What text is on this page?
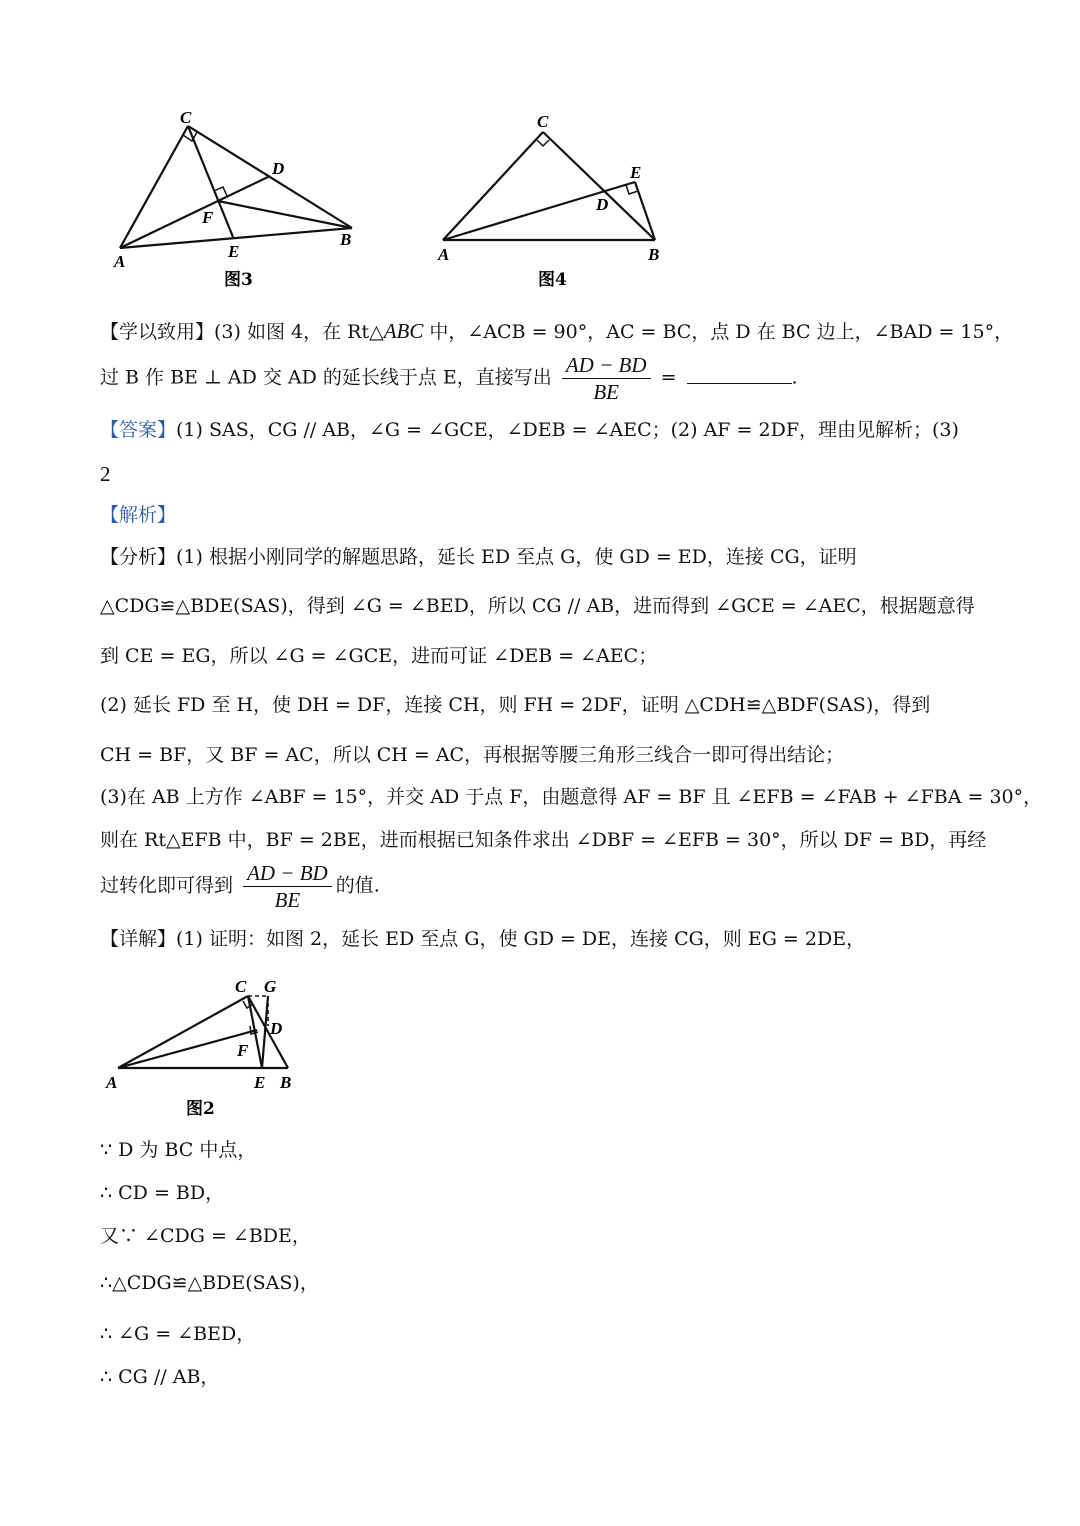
C
D
F
E
A
B
图3
C
E
D
A	B
图4
【学以致用】(3) 如图 4，在 Rt△ABC 中，∠ACB = 90°，AC = BC，点 D 在 BC 边上，∠BAD = 15°，
过 B 作 BE ⊥ AD 交 AD 的延长线于点 E，直接写出 $\frac{AD - BD}{BE}$ =	.
【答案】(1) SAS，CG // AB，∠G = ∠GCE，∠DEB = ∠AEC；(2) AF = 2DF，理由见解析；(3)
2
【解析】
【分析】(1) 根据小刚同学的解题思路，延长 ED 至点 G，使 GD = ED，连接 CG，证明
△CDG≌△BDE(SAS)，得到 ∠G = ∠BED，所以 CG // AB，进而得到 ∠GCE = ∠AEC，根据题意得
到 CE = EG，所以 ∠G = ∠GCE，进而可证 ∠DEB = ∠AEC；
(2) 延长 FD 至 H，使 DH = DF，连接 CH，则 FH = 2DF，证明 △CDH≌△BDF(SAS)，得到
CH = BF，又 BF = AC，所以 CH = AC，再根据等腰三角形三线合一即可得出结论；
(3)在 AB 上方作 ∠ABF = 15°，并交 AD 于点 F，由题意得 AF = BF 且 ∠EFB = ∠FAB + ∠FBA = 30°，
则在 Rt△EFB 中，BF = 2BE，进而根据已知条件求出 ∠DBF = ∠EFB = 30°，所以 DF = BD，再经
过转化即可得到 $\frac{AD - BD}{BE}$ 的值.
【详解】(1) 证明：如图 2，延长 ED 至点 G，使 GD = DE，连接 CG，则 EG = 2DE，
C G
D
F
A	E B
图2
∵ D 为 BC 中点，
∴ CD = BD，
又∵ ∠CDG = ∠BDE，
∴△CDG≌△BDE(SAS)，
∴ ∠G = ∠BED，
∴ CG // AB，
